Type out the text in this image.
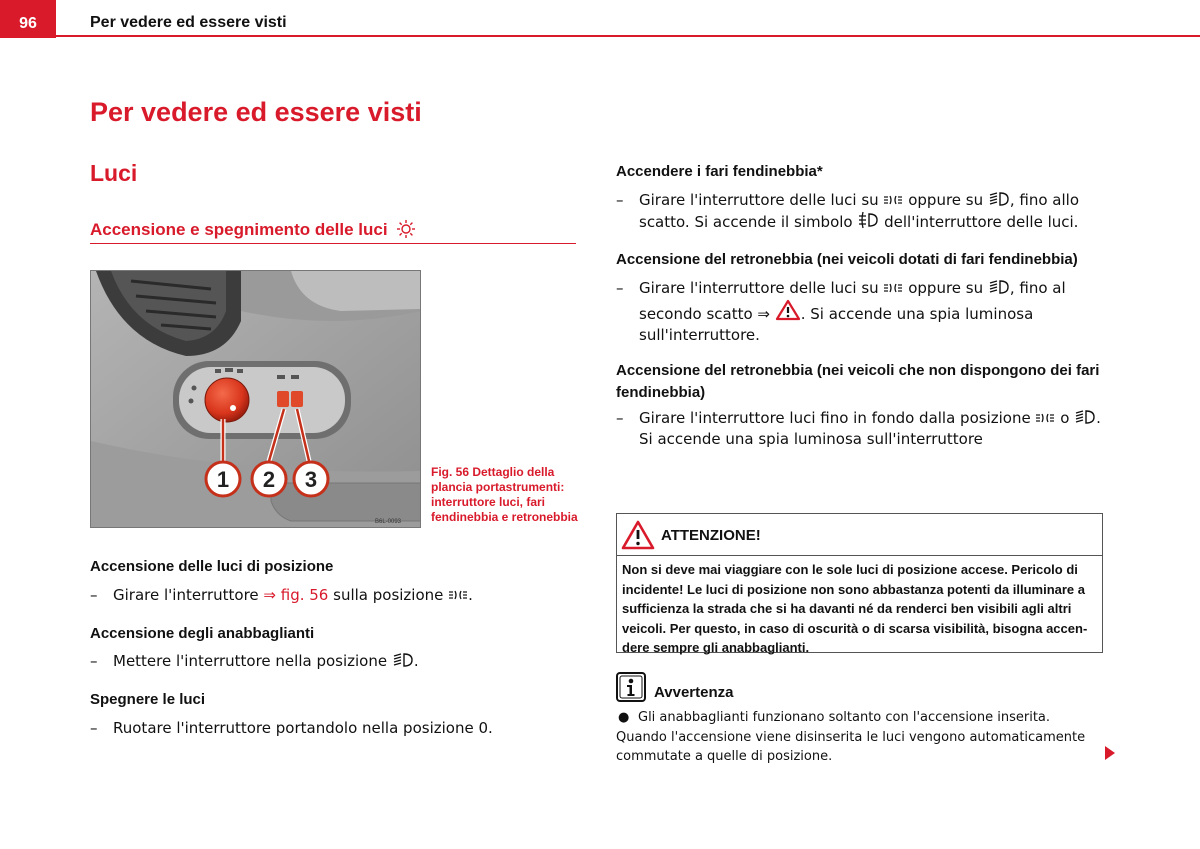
96	Per vedere ed essere visti
Per vedere ed essere visti
Luci
Accensione e spegnimento delle luci
1 2 3
B6L-0093
Fig. 56 Dettaglio della plancia portastrumenti: interruttore luci, fari fendinebbia e retronebbia
Accensione delle luci di posizione
–	Girare l'interruttore ⇒ fig. 56 sulla posizione .
Accensione degli anabbaglianti
–	Mettere l'interruttore nella posizione .
Spegnere le luci
–	Ruotare l'interruttore portandolo nella posizione 0.
Accendere i fari fendinebbia*
–	Girare l'interruttore delle luci su  oppure su , fino allo scatto. Si accende il simbolo  dell'interruttore delle luci.
Accensione del retronebbia (nei veicoli dotati di fari fendinebbia)
–	Girare l'interruttore delle luci su  oppure su , fino al secondo scatto ⇒ . Si accende una spia luminosa sull'interruttore.
Accensione del retronebbia (nei veicoli che non dispongono dei fari fendinebbia)
–	Girare l'interruttore luci fino in fondo dalla posizione  o . Si accende una spia luminosa sull'interruttore
ATTENZIONE!
Non si deve mai viaggiare con le sole luci di posizione accese. Pericolo di incidente! Le luci di posizione non sono abbastanza potenti da illuminare a sufficienza la strada che si ha davanti né da renderci ben visibili agli altri veicoli. Per questo, in caso di oscurità o di scarsa visibilità, bisogna accendere sempre gli anabbaglianti.
Avvertenza
● Gli anabbaglianti funzionano soltanto con l'accensione inserita. Quando l'accensione viene disinserita le luci vengono automaticamente commutate a quelle di posizione.
